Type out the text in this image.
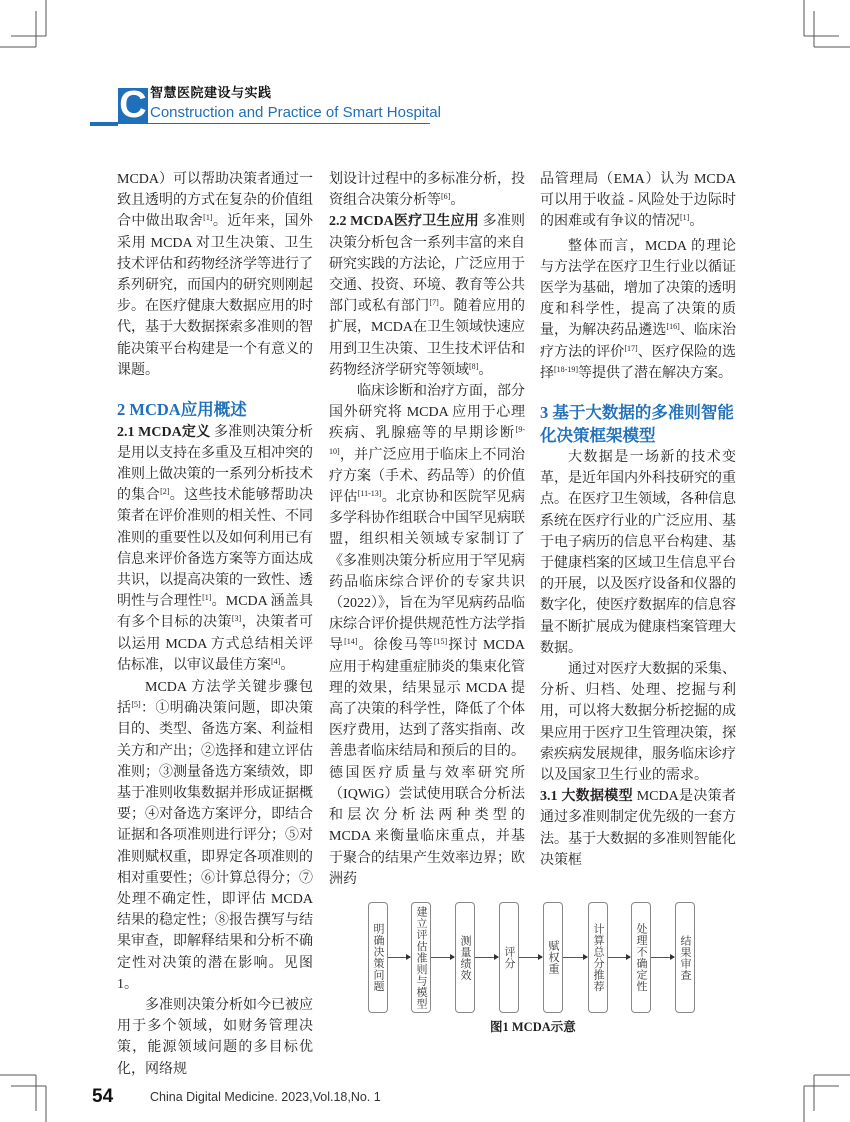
C 智慧医院建设与实践
Construction and Practice of Smart Hospital

MCDA）可以帮助决策者通过一致且透明的方式在复杂的价值组合中做出取舍[1]。近年来，国外采用 MCDA 对卫生决策、卫生技术评估和药物经济学等进行了系列研究，而国内的研究则刚起步。在医疗健康大数据应用的时代，基于大数据探索多准则的智能决策平台构建是一个有意义的课题。

2 MCDA应用概述

2.1 MCDA定义 多准则决策分析是用以支持在多重及互相冲突的准则上做决策的一系列分析技术的集合[2]。这些技术能够帮助决策者在评价准则的相关性、不同准则的重要性以及如何利用已有信息来评价备选方案等方面达成共识，以提高决策的一致性、透明性与合理性[1]。MCDA 涵盖具有多个目标的决策[3]，决策者可以运用 MCDA 方式总结相关评估标准，以审议最佳方案[4]。

MCDA 方法学关键步骤包括[5]：①明确决策问题，即决策目的、类型、备选方案、利益相关方和产出；②选择和建立评估准则；③测量备选方案绩效，即基于准则收集数据并形成证据概要；④对备选方案评分，即结合证据和各项准则进行评分；⑤对准则赋权重，即界定各项准则的相对重要性；⑥计算总得分；⑦处理不确定性，即评估 MCDA 结果的稳定性；⑧报告撰写与结果审查，即解释结果和分析不确定性对决策的潜在影响。见图1。

多准则决策分析如今已被应用于多个领域，如财务管理决策，能源领域问题的多目标优化，网络规

划设计过程中的多标准分析，投资组合决策分析等[6]。

2.2 MCDA医疗卫生应用 多准则决策分析包含一系列丰富的来自研究实践的方法论，广泛应用于交通、投资、环境、教育等公共部门或私有部门[7]。随着应用的扩展，MCDA在卫生领域快速应用到卫生决策、卫生技术评估和药物经济学研究等领域[8]。

临床诊断和治疗方面，部分国外研究将 MCDA 应用于心理疾病、乳腺癌等的早期诊断[9-10]，并广泛应用于临床上不同治疗方案（手术、药品等）的价值评估[11-13]。北京协和医院罕见病多学科协作组联合中国罕见病联盟，组织相关领域专家制订了《多准则决策分析应用于罕见病药品临床综合评价的专家共识（2022）》，旨在为罕见病药品临床综合评价提供规范性方法学指导[14]。徐俊马等[15]探讨 MCDA 应用于构建重症肺炎的集束化管理的效果，结果显示 MCDA 提高了决策的科学性，降低了个体医疗费用，达到了落实指南、改善患者临床结局和预后的目的。德国医疗质量与效率研究所（IQWiG）尝试使用联合分析法和层次分析法两种类型的 MCDA 来衡量临床重点，并基于聚合的结果产生效率边界；欧洲药

品管理局（EMA）认为 MCDA 可以用于收益 - 风险处于边际时的困难或有争议的情况[1]。

整体而言，MCDA 的理论与方法学在医疗卫生行业以循证医学为基础，增加了决策的透明度和科学性，提高了决策的质量，为解决药品遴选[16]、临床治疗方法的评价[17]、医疗保险的选择[18-19]等提供了潜在解决方案。

3 基于大数据的多准则智能化决策框架模型

大数据是一场新的技术变革，是近年国内外科技研究的重点。在医疗卫生领域，各种信息系统在医疗行业的广泛应用、基于电子病历的信息平台构建、基于健康档案的区域卫生信息平台的开展，以及医疗设备和仪器的数字化，使医疗数据库的信息容量不断扩展成为健康档案管理大数据。

通过对医疗大数据的采集、分析、归档、处理、挖掘与利用，可以将大数据分析挖掘的成果应用于医疗卫生管理决策，探索疾病发展规律，服务临床诊疗以及国家卫生行业的需求。

3.1 大数据模型 MCDA是决策者通过多准则制定优先级的一套方法。基于大数据的多准则智能化决策框

明确决策问题	建立评估准则与模型	测量绩效	评分	赋权重	计算总分推荐	处理不确定性	结果审查
图1 MCDA示意
54	China Digital Medicine. 2023,Vol.18,No. 1
